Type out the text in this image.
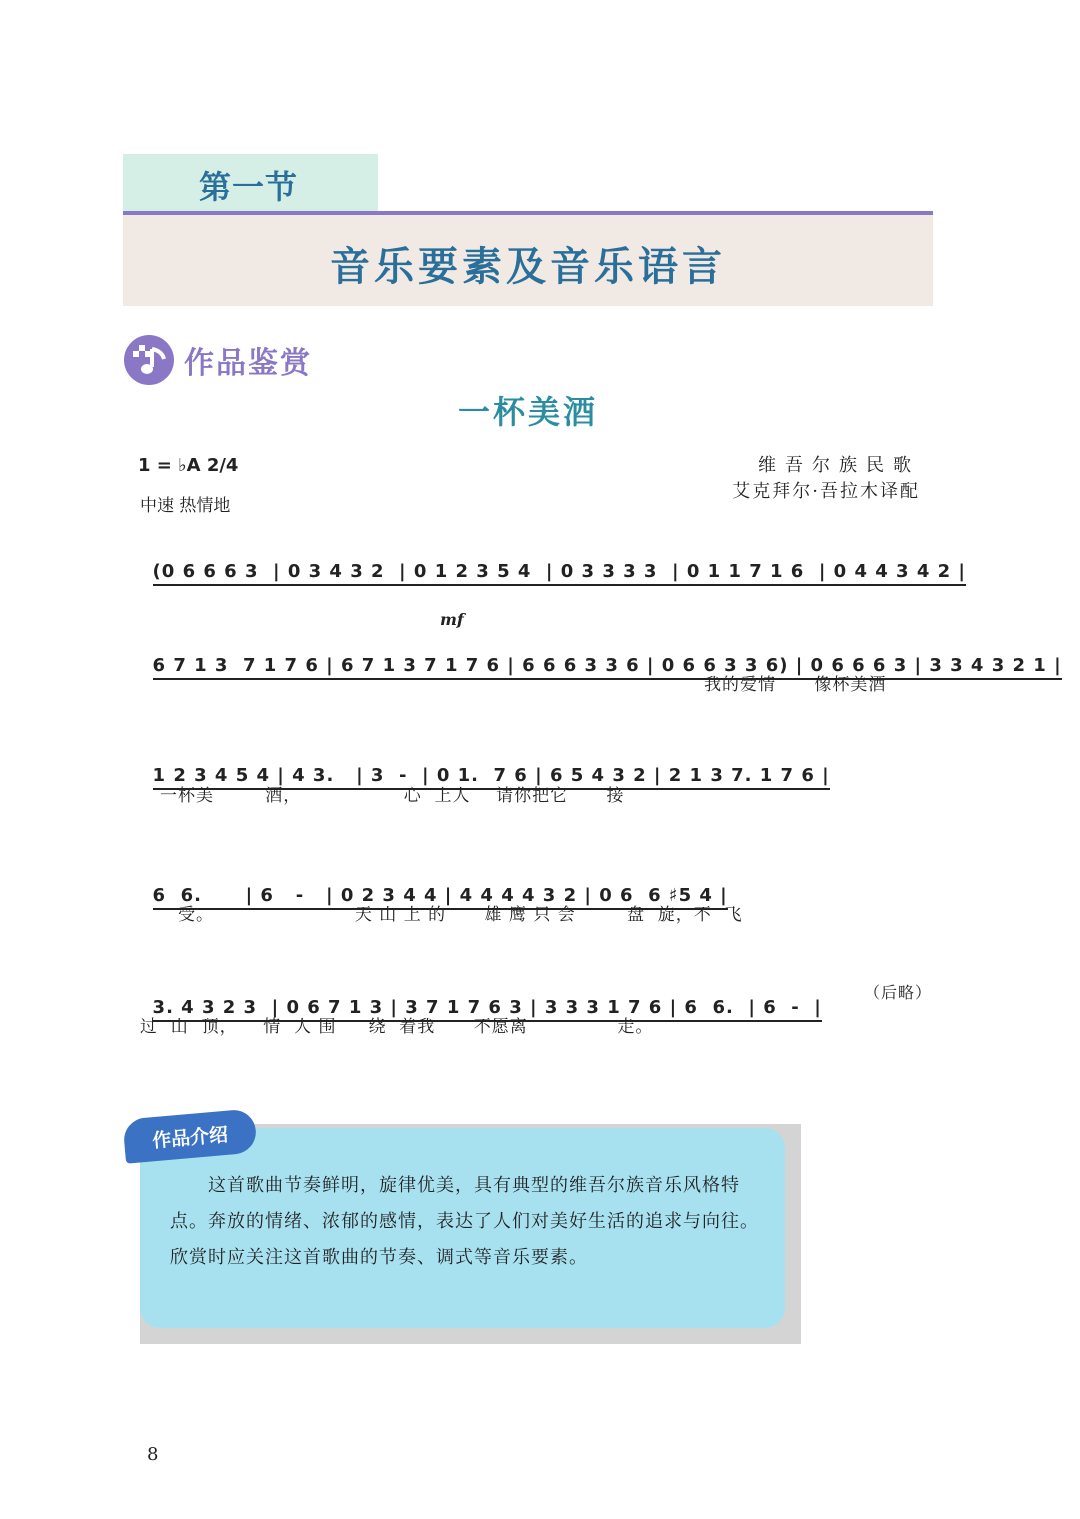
第一节
音乐要素及音乐语言
作品鉴赏
一杯美酒
1 = ♭A 2/4
中速 热情地
维吾尔族民歌
艾克拜尔·吾拉木译配

(0 6 6 6 3  | 0 3 4 3 2  | 0 1 2 3 5 4  | 0 3 3 3 3  | 0 1 1 7 1 6  | 0 4 4 3 4 2 |

mf

6 7 1 3  7 1 7 6 | 6 7 1 3 7 1 7 6 | 6 6 6 3 3 6 | 0 6 6 3 3 6) | 0 6 6 6 3 | 3 3 4 3 2 1 |

我的爱情      像杯美酒

1 2 3 4 5 4 | 4 3.   | 3  -  | 0 1.  7 6 | 6 5 4 3 2 | 2 1 3 7. 1 7 6 |

一杯美        酒，                心  上人    请你把它      接

6  6.      | 6   -   | 0 2 3 4 4 | 4 4 4 4 3 2 | 0 6  6 ♯5 4 |

受。                      天 山 上 的      雄 鹰 只 会        盘  旋，不  飞

3. 4 3 2 3  | 0 6 7 1 3 | 3 7 1 7 6 3 | 3 3 3 1 7 6 | 6  6.  | 6  -  |

过  山  顶，    情  人 围     绕  着我      不愿离              走。
（后略）
作品介绍
这首歌曲节奏鲜明，旋律优美，具有典型的维吾尔族音乐风格特点。奔放的情绪、浓郁的感情，表达了人们对美好生活的追求与向往。欣赏时应关注这首歌曲的节奏、调式等音乐要素。
8
